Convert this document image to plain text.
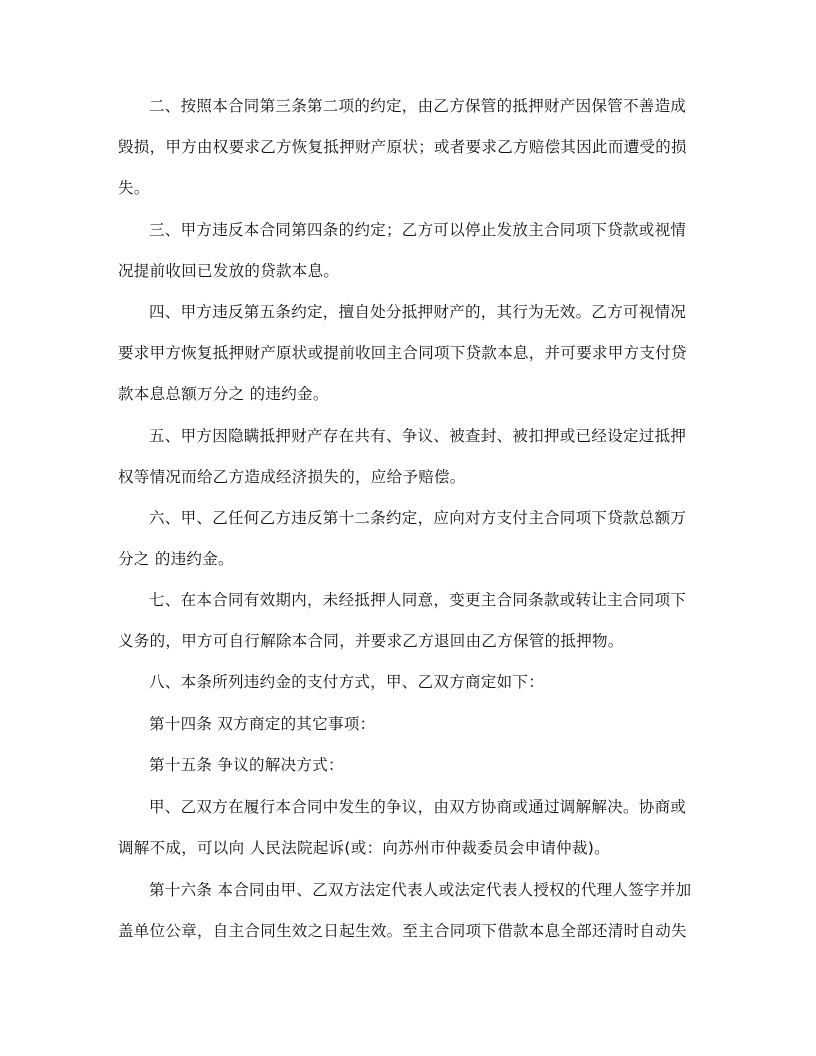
二、按照本合同第三条第二项的约定，由乙方保管的抵押财产因保管不善造成
毁损，甲方由权要求乙方恢复抵押财产原状；或者要求乙方赔偿其因此而遭受的损
失。

三、甲方违反本合同第四条的约定；乙方可以停止发放主合同项下贷款或视情
况提前收回已发放的贷款本息。

四、甲方违反第五条约定，擅自处分抵押财产的，其行为无效。乙方可视情况
要求甲方恢复抵押财产原状或提前收回主合同项下贷款本息，并可要求甲方支付贷
款本息总额万分之 的违约金。

五、甲方因隐瞒抵押财产存在共有、争议、被查封、被扣押或已经设定过抵押
权等情况而给乙方造成经济损失的，应给予赔偿。

六、甲、乙任何乙方违反第十二条约定，应向对方支付主合同项下贷款总额万
分之 的违约金。

七、在本合同有效期内，未经抵押人同意，变更主合同条款或转让主合同项下
义务的，甲方可自行解除本合同，并要求乙方退回由乙方保管的抵押物。

八、本条所列违约金的支付方式，甲、乙双方商定如下：

第十四条 双方商定的其它事项：

第十五条 争议的解决方式：

甲、乙双方在履行本合同中发生的争议，由双方协商或通过调解解决。协商或
调解不成，可以向 人民法院起诉(或：向苏州市仲裁委员会申请仲裁)。

第十六条 本合同由甲、乙双方法定代表人或法定代表人授权的代理人签字并加
盖单位公章，自主合同生效之日起生效。至主合同项下借款本息全部还清时自动失
